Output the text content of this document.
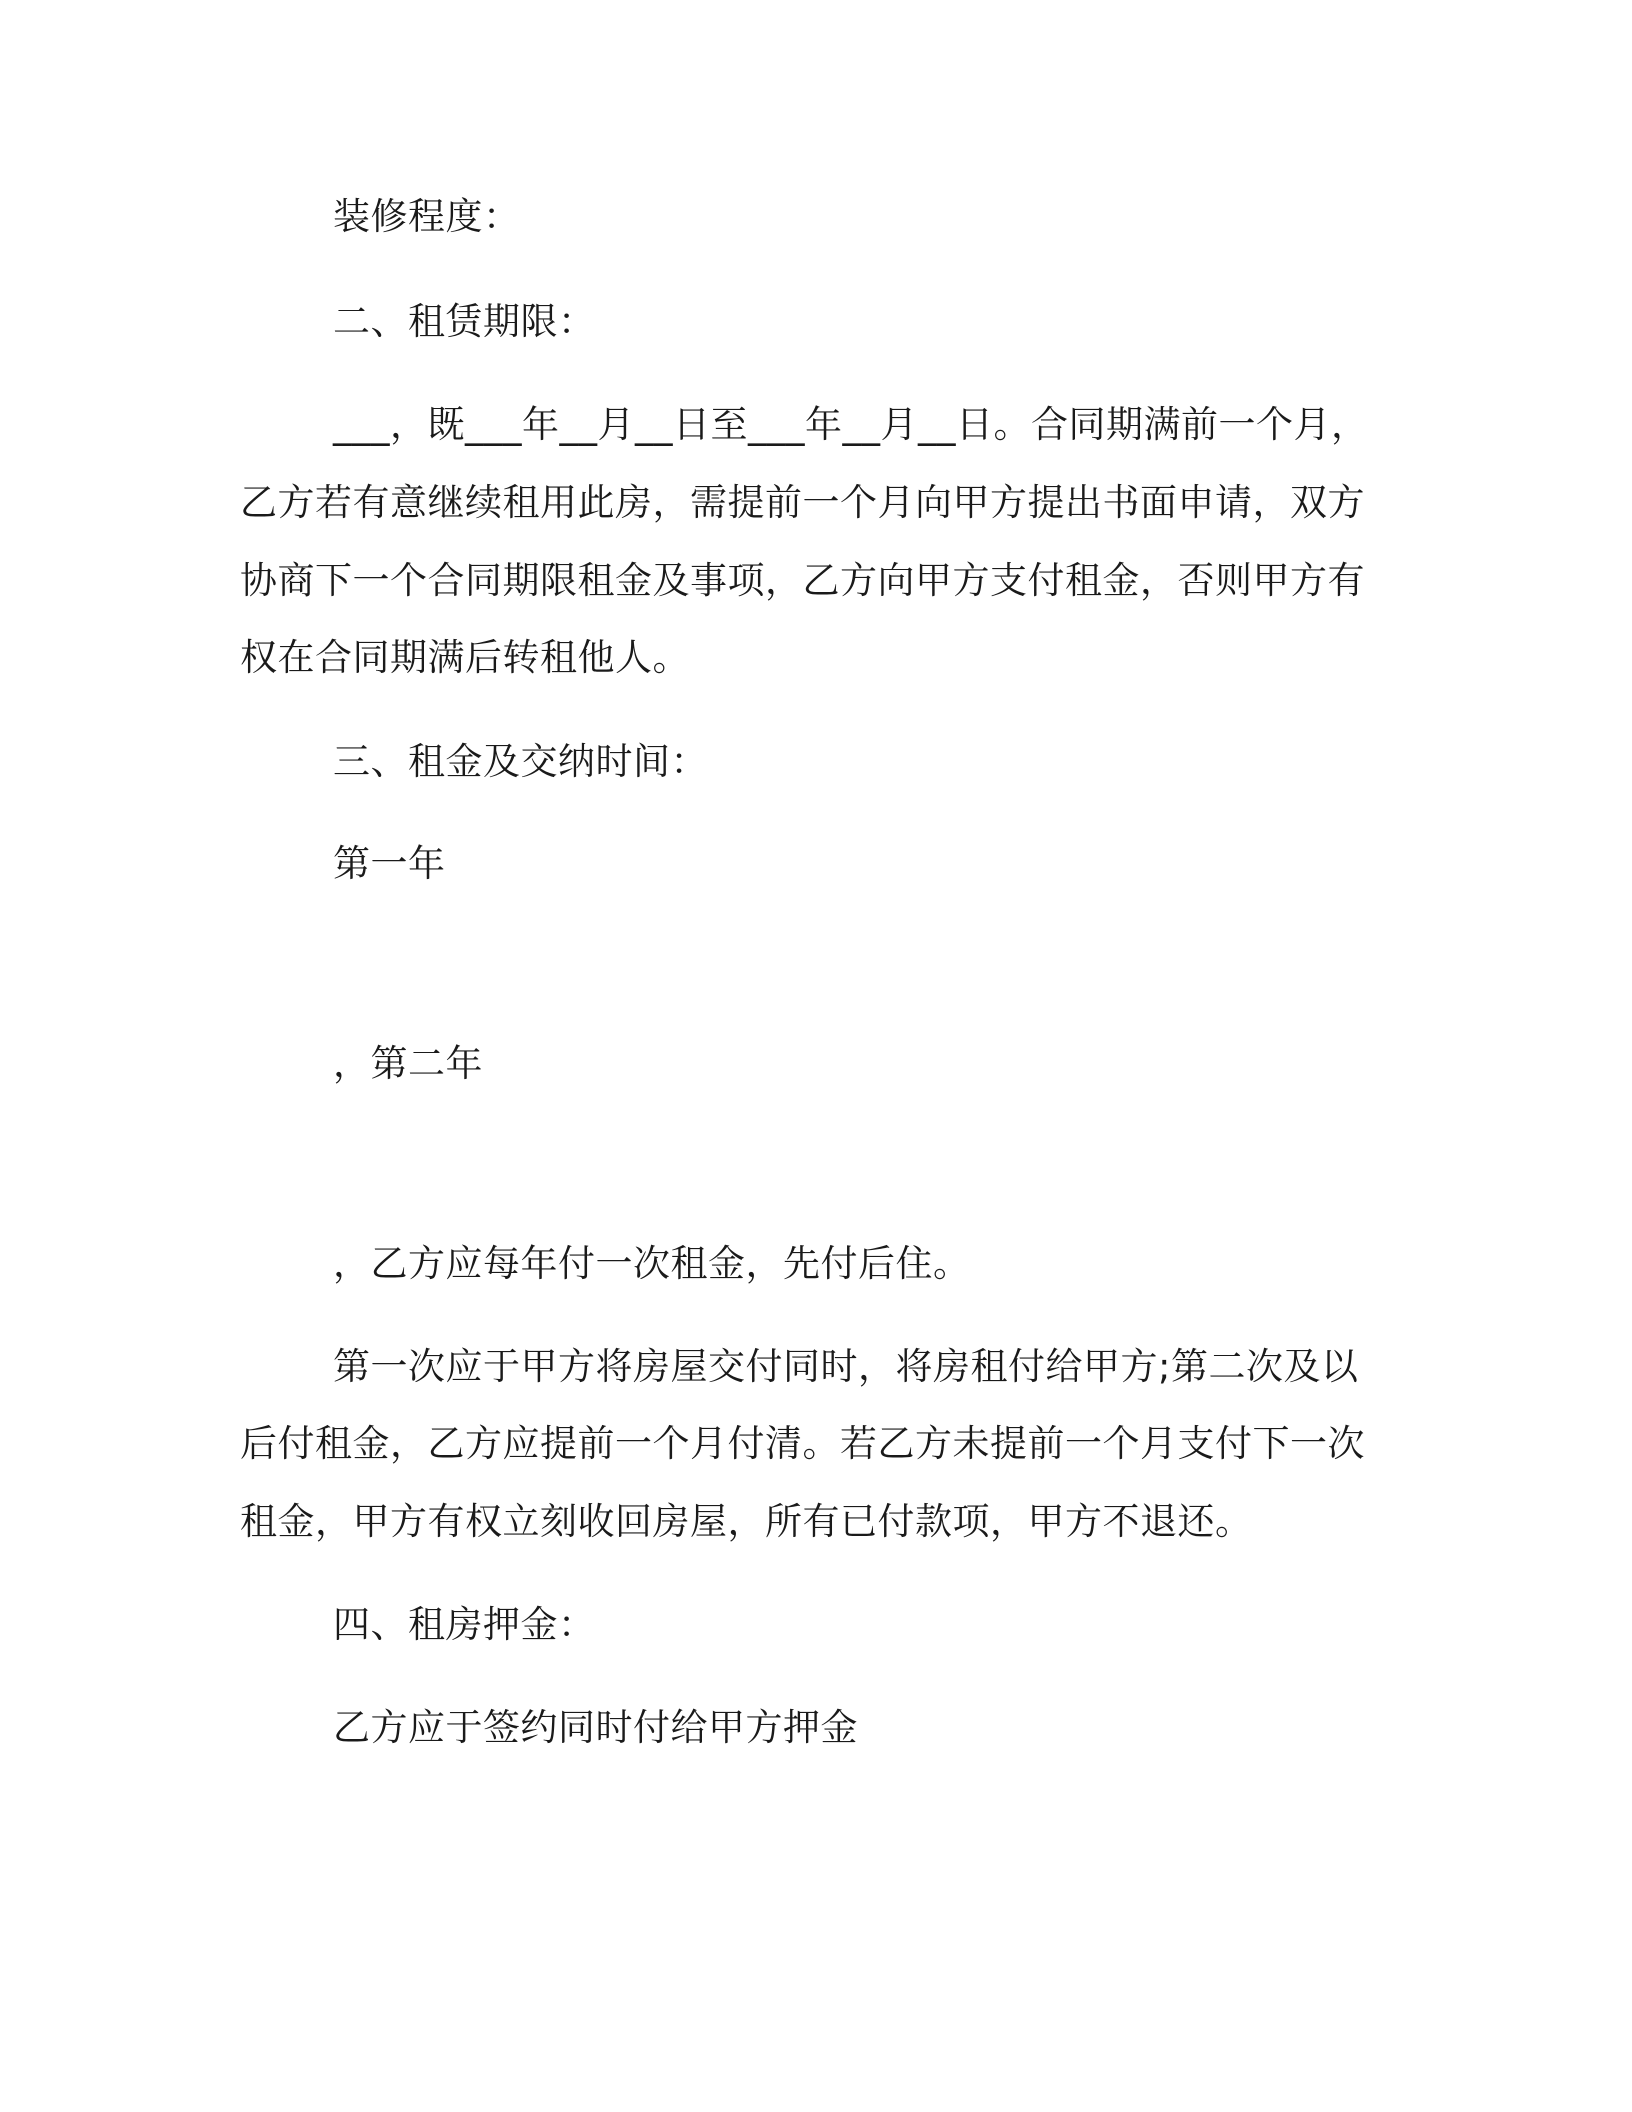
装修程度：
二、租赁期限：
___，既___年__月__日至___年__月__日。合同期满前一个月，
乙方若有意继续租用此房，需提前一个月向甲方提出书面申请，双方
协商下一个合同期限租金及事项，乙方向甲方支付租金，否则甲方有
权在合同期满后转租他人。
三、租金及交纳时间：
第一年
，第二年
，乙方应每年付一次租金，先付后住。
第一次应于甲方将房屋交付同时，将房租付给甲方;第二次及以
后付租金，乙方应提前一个月付清。若乙方未提前一个月支付下一次
租金，甲方有权立刻收回房屋，所有已付款项，甲方不退还。
四、租房押金：
乙方应于签约同时付给甲方押金
